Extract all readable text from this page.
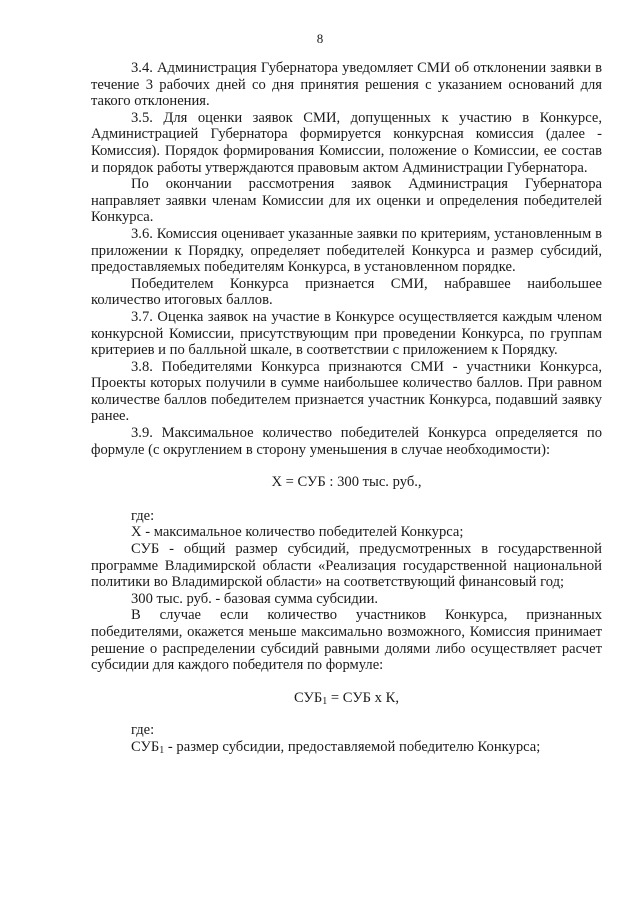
8

3.4. Администрация Губернатора уведомляет СМИ об отклонении заявки в течение 3 рабочих дней со дня принятия решения с указанием оснований для такого отклонения.

3.5. Для оценки заявок СМИ, допущенных к участию в Конкурсе, Администрацией Губернатора формируется конкурсная комиссия (далее - Комиссия). Порядок формирования Комиссии, положение о Комиссии, ее состав и порядок работы утверждаются правовым актом Администрации Губернатора.

По окончании рассмотрения заявок Администрация Губернатора направляет заявки членам Комиссии для их оценки и определения победителей Конкурса.

3.6. Комиссия оценивает указанные заявки по критериям, установленным в приложении к Порядку, определяет победителей Конкурса и размер субсидий, предоставляемых победителям Конкурса, в установленном порядке.

Победителем Конкурса признается СМИ, набравшее наибольшее количество итоговых баллов.

3.7. Оценка заявок на участие в Конкурсе осуществляется каждым членом конкурсной Комиссии, присутствующим при проведении Конкурса, по группам критериев и по балльной шкале, в соответствии с приложением к Порядку.

3.8. Победителями Конкурса признаются СМИ - участники Конкурса, Проекты которых получили в сумме наибольшее количество баллов. При равном количестве баллов победителем признается участник Конкурса, подавший заявку ранее.

3.9. Максимальное количество победителей Конкурса определяется по формуле (с округлением в сторону уменьшения в случае необходимости):

Х = СУБ : 300 тыс. руб.,

где:

Х - максимальное количество победителей Конкурса;

СУБ - общий размер субсидий, предусмотренных в государственной программе Владимирской области «Реализация государственной национальной политики во Владимирской области» на соответствующий финансовый год;

300 тыс. руб. - базовая сумма субсидии.

В случае если количество участников Конкурса, признанных победителями, окажется меньше максимально возможного, Комиссия принимает решение о распределении субсидий равными долями либо осуществляет расчет субсидии для каждого победителя по формуле:

$СУБ_1$ = СУБ х К,

где:

$СУБ_1$ - размер субсидии, предоставляемой победителю Конкурса;
